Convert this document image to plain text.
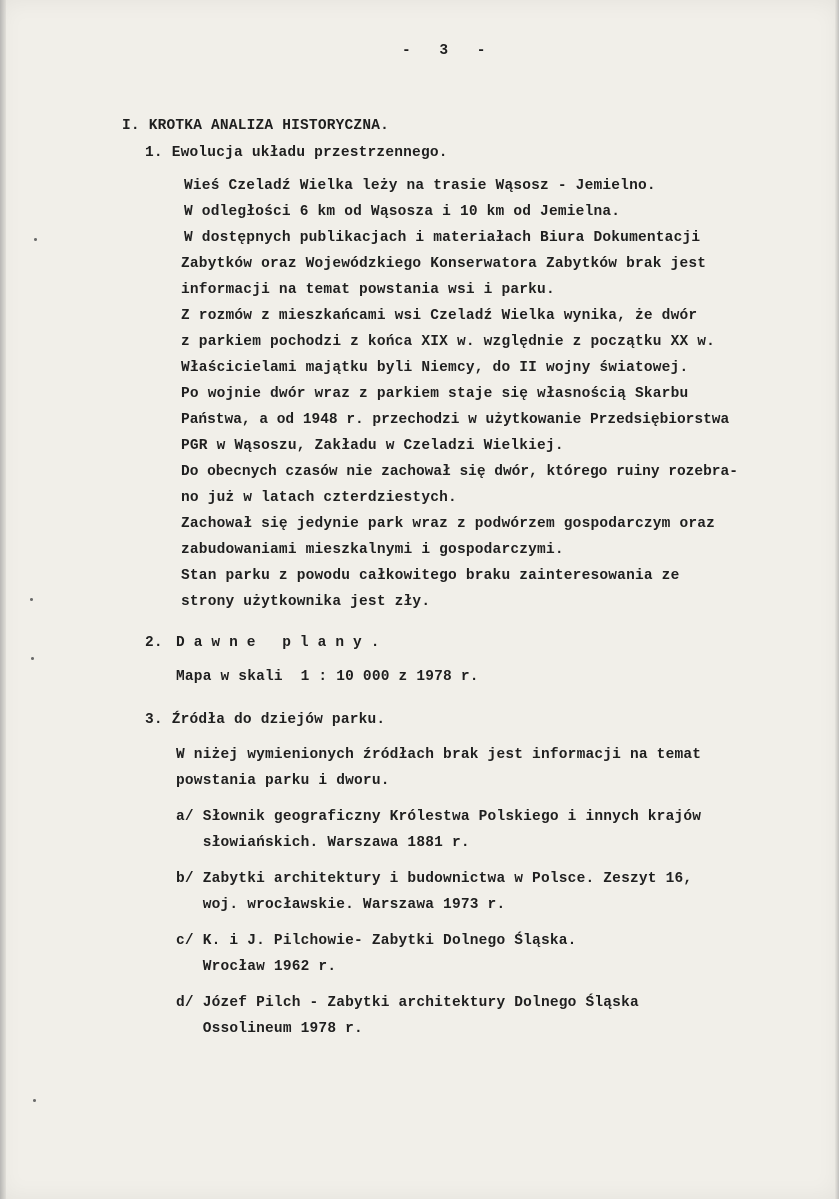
- 3 -
I. KROTKA ANALIZA HISTORYCZNA.
1. Ewolucja układu przestrzennego.
Wieś Czeladź Wielka leży na trasie Wąsosz - Jemielno.
W odległości 6 km od Wąsosza i 10 km od Jemielna.
W dostępnych publikacjach i materiałach Biura Dokumentacji
Zabytków oraz Wojewódzkiego Konserwatora Zabytków brak jest
informacji na temat powstania wsi i parku.
Z rozmów z mieszkańcami wsi Czeladź Wielka wynika, że dwór
z parkiem pochodzi z końca XIX w. względnie z początku XX w.
Właścicielami majątku byli Niemcy, do II wojny światowej.
Po wojnie dwór wraz z parkiem staje się własnością Skarbu
Państwa, a od 1948 r. przechodzi w użytkowanie Przedsiębiorstwa
PGR w Wąsoszu, Zakładu w Czeladzi Wielkiej.
Do obecnych czasów nie zachował się dwór, którego ruiny rozebra-
no już w latach czterdziestych.
Zachował się jedynie park wraz z podwórzem gospodarczym oraz
zabudowaniami mieszkalnymi i gospodarczymi.
Stan parku z powodu całkowitego braku zainteresowania ze
strony użytkownika jest zły.
2. Dawne plany.
Mapa w skali  1 : 10 000 z 1978 r.
3. Źródła do dziejów parku.
W niżej wymienionych źródłach brak jest informacji na temat
powstania parku i dworu.
a/ Słownik geograficzny Królestwa Polskiego i innych krajów
słowiańskich. Warszawa 1881 r.
b/ Zabytki architektury i budownictwa w Polsce. Zeszyt 16,
woj. wrocławskie. Warszawa 1973 r.
c/ K. i J. Pilchowie- Zabytki Dolnego Śląska.
Wrocław 1962 r.
d/ Józef Pilch - Zabytki architektury Dolnego Śląska
Ossolineum 1978 r.
